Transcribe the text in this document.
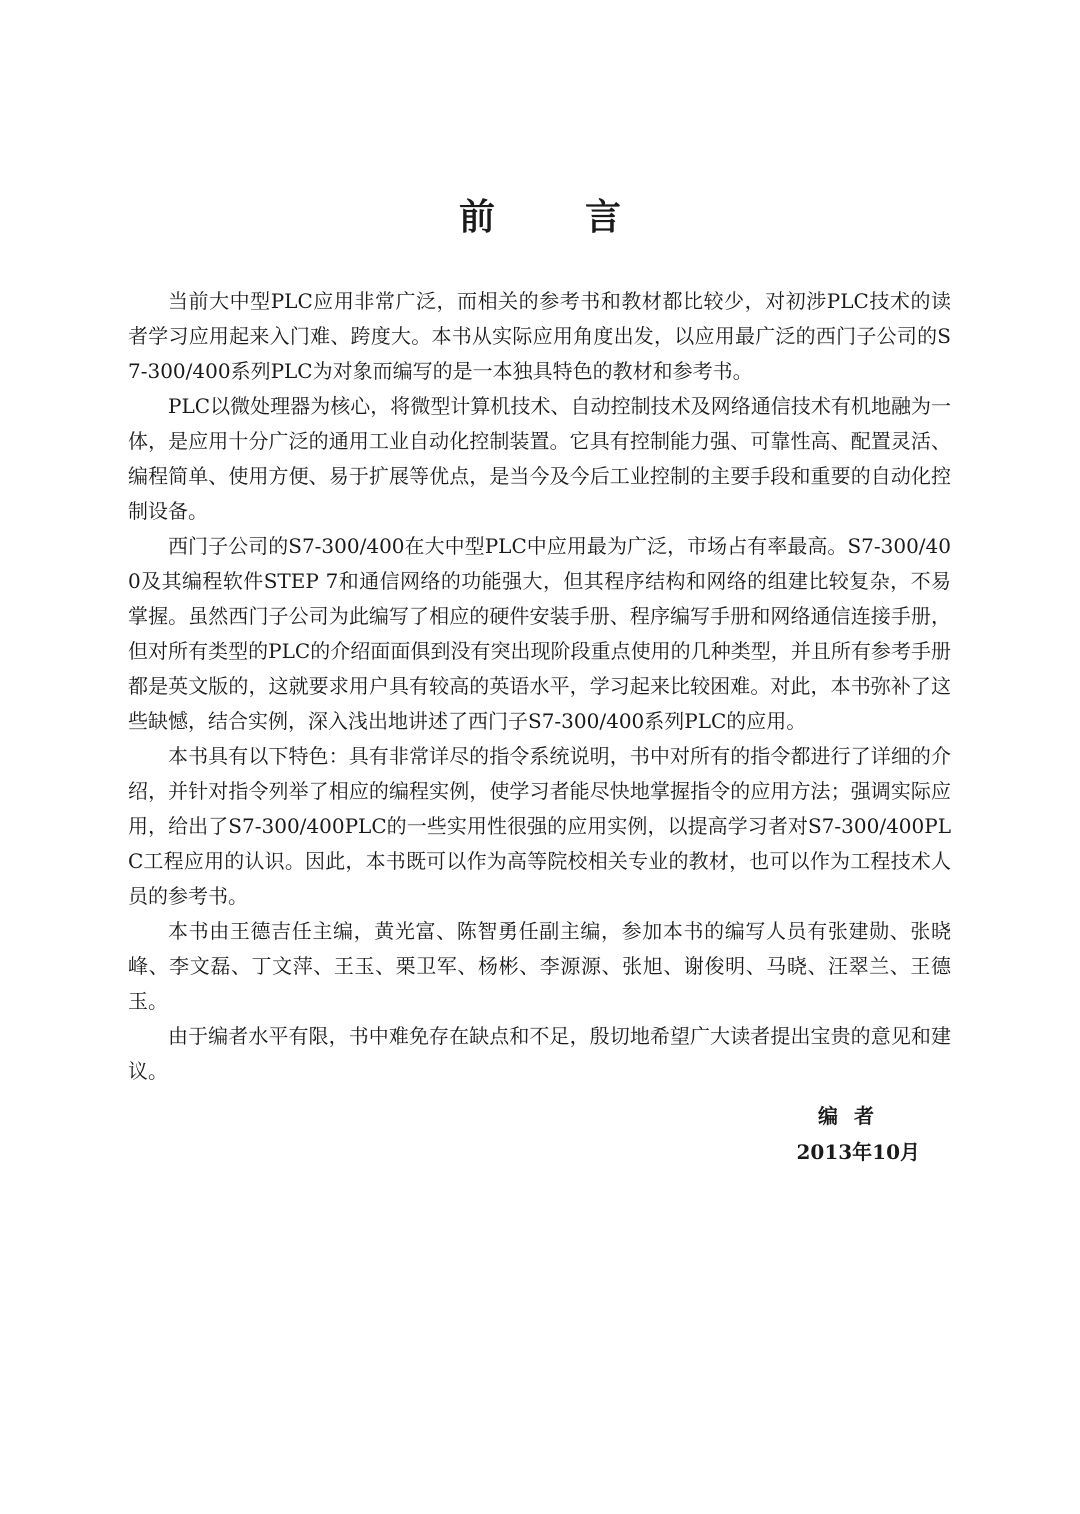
前言

当前大中型PLC应用非常广泛，而相关的参考书和教材都比较少，对初涉PLC技术的读者学习应用起来入门难、跨度大。本书从实际应用角度出发，以应用最广泛的西门子公司的S7-300/400系列PLC为对象而编写的是一本独具特色的教材和参考书。

PLC以微处理器为核心，将微型计算机技术、自动控制技术及网络通信技术有机地融为一体，是应用十分广泛的通用工业自动化控制装置。它具有控制能力强、可靠性高、配置灵活、编程简单、使用方便、易于扩展等优点，是当今及今后工业控制的主要手段和重要的自动化控制设备。

西门子公司的S7-300/400在大中型PLC中应用最为广泛，市场占有率最高。S7-300/400及其编程软件STEP 7和通信网络的功能强大，但其程序结构和网络的组建比较复杂，不易掌握。虽然西门子公司为此编写了相应的硬件安装手册、程序编写手册和网络通信连接手册，但对所有类型的PLC的介绍面面俱到没有突出现阶段重点使用的几种类型，并且所有参考手册都是英文版的，这就要求用户具有较高的英语水平，学习起来比较困难。对此，本书弥补了这些缺憾，结合实例，深入浅出地讲述了西门子S7-300/400系列PLC的应用。

本书具有以下特色：具有非常详尽的指令系统说明，书中对所有的指令都进行了详细的介绍，并针对指令列举了相应的编程实例，使学习者能尽快地掌握指令的应用方法；强调实际应用，给出了S7-300/400PLC的一些实用性很强的应用实例，以提高学习者对S7-300/400PLC工程应用的认识。因此，本书既可以作为高等院校相关专业的教材，也可以作为工程技术人员的参考书。

本书由王德吉任主编，黄光富、陈智勇任副主编，参加本书的编写人员有张建勋、张晓峰、李文磊、丁文萍、王玉、栗卫军、杨彬、李源源、张旭、谢俊明、马晓、汪翠兰、王德玉。

由于编者水平有限，书中难免存在缺点和不足，殷切地希望广大读者提出宝贵的意见和建议。

编者
2013年10月
